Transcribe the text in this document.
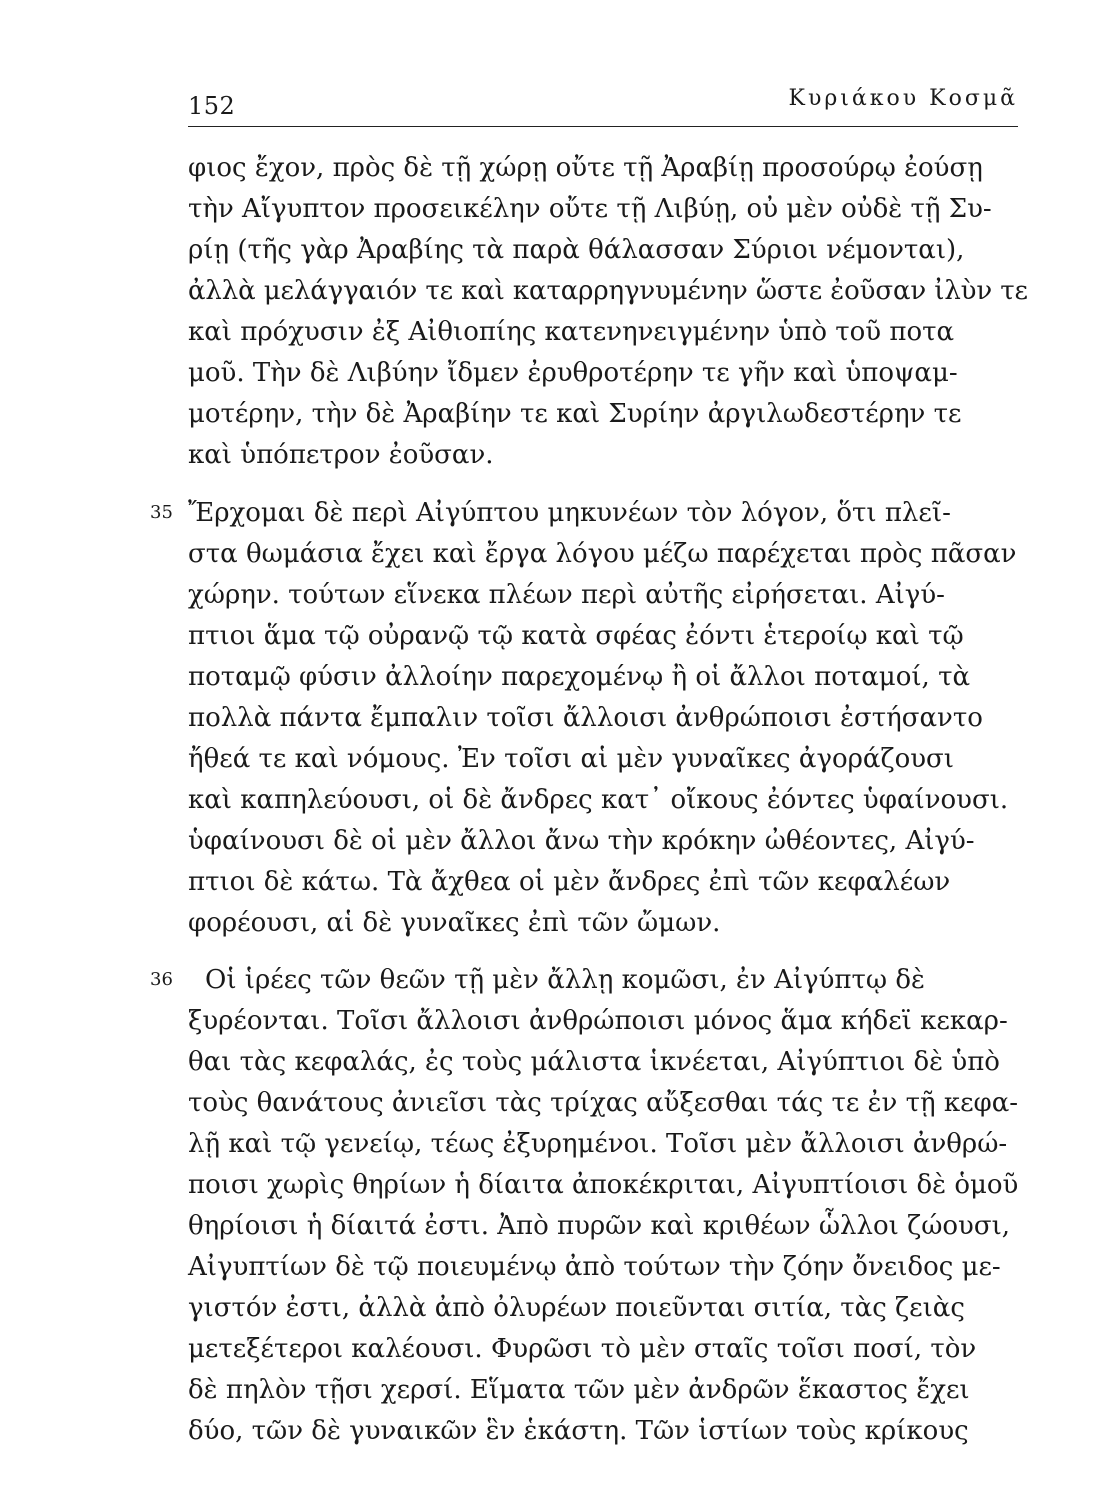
152	Κυριάκου Κοσμᾶ
35
36
φιος ἔχον, πρὸς δὲ τῇ χώρῃ οὔτε τῇ Ἀραβίῃ προσούρῳ ἐούσῃ
τὴν Αἴγυπτον προσεικέλην οὔτε τῇ Λιβύῃ, οὐ μὲν οὐδὲ τῇ Συ-
ρίῃ (τῆς γὰρ Ἀραβίης τὰ παρὰ θάλασσαν Σύριοι νέμονται),
ἀλλὰ μελάγγαιόν τε καὶ καταρρηγνυμένην ὥστε ἐοῦσαν ἰλὺν τε
καὶ πρόχυσιν ἐξ Αἰθιοπίης κατενηνειγμένην ὑπὸ τοῦ ποτα
μοῦ. Τὴν δὲ Λιβύην ἴδμεν ἐρυθροτέρην τε γῆν καὶ ὑποψαμ-
μοτέρην, τὴν δὲ Ἀραβίην τε καὶ Συρίην ἀργιλωδεστέρην τε
καὶ ὑπόπετρον ἐοῦσαν.
Ἔρχομαι δὲ περὶ Αἰγύπτου μηκυνέων τὸν λόγον, ὅτι πλεῖ-
στα θωμάσια ἔχει καὶ ἔργα λόγου μέζω παρέχεται πρὸς πᾶσαν
χώρην. τούτων εἵνεκα πλέων περὶ αὐτῆς εἰρήσεται. Αἰγύ-
πτιοι ἅμα τῷ οὐρανῷ τῷ κατὰ σφέας ἐόντι ἑτεροίῳ καὶ τῷ
ποταμῷ φύσιν ἀλλοίην παρεχομένῳ ἢ οἱ ἄλλοι ποταμοί, τὰ
πολλὰ πάντα ἔμπαλιν τοῖσι ἄλλοισι ἀνθρώποισι ἐστήσαντο
ἤθεά τε καὶ νόμους. Ἐν τοῖσι αἱ μὲν γυναῖκες ἀγοράζουσι
καὶ καπηλεύουσι, οἱ δὲ ἄνδρες κατ᾽ οἴκους ἐόντες ὑφαίνουσι.
ὑφαίνουσι δὲ οἱ μὲν ἄλλοι ἄνω τὴν κρόκην ὠθέοντες, Αἰγύ-
πτιοι δὲ κάτω. Τὰ ἄχθεα οἱ μὲν ἄνδρες ἐπὶ τῶν κεφαλέων
φορέουσι, αἱ δὲ γυναῖκες ἐπὶ τῶν ὤμων.
Οἱ ἱρέες τῶν θεῶν τῇ μὲν ἄλλῃ κομῶσι, ἐν Αἰγύπτῳ δὲ
ξυρέονται. Τοῖσι ἄλλοισι ἀνθρώποισι μόνος ἅμα κήδεϊ κεκαρ-
θαι τὰς κεφαλάς, ἐς τοὺς μάλιστα ἱκνέεται, Αἰγύπτιοι δὲ ὑπὸ
τοὺς θανάτους ἀνιεῖσι τὰς τρίχας αὔξεσθαι τάς τε ἐν τῇ κεφα-
λῇ καὶ τῷ γενείῳ, τέως ἐξυρημένοι. Τοῖσι μὲν ἄλλοισι ἀνθρώ-
ποισι χωρὶς θηρίων ἡ δίαιτα ἀποκέκριται, Αἰγυπτίοισι δὲ ὁμοῦ
θηρίοισι ἡ δίαιτά ἐστι. Ἀπὸ πυρῶν καὶ κριθέων ὧλλοι ζώουσι,
Αἰγυπτίων δὲ τῷ ποιευμένῳ ἀπὸ τούτων τὴν ζόην ὄνειδος με-
γιστόν ἐστι, ἀλλὰ ἀπὸ ὀλυρέων ποιεῦνται σιτία, τὰς ζειὰς
μετεξέτεροι καλέουσι. Φυρῶσι τὸ μὲν σταῖς τοῖσι ποσί, τὸν
δὲ πηλὸν τῇσι χερσί. Εἵματα τῶν μὲν ἀνδρῶν ἕκαστος ἔχει
δύο, τῶν δὲ γυναικῶν ἓν ἑκάστη. Τῶν ἱστίων τοὺς κρίκους
